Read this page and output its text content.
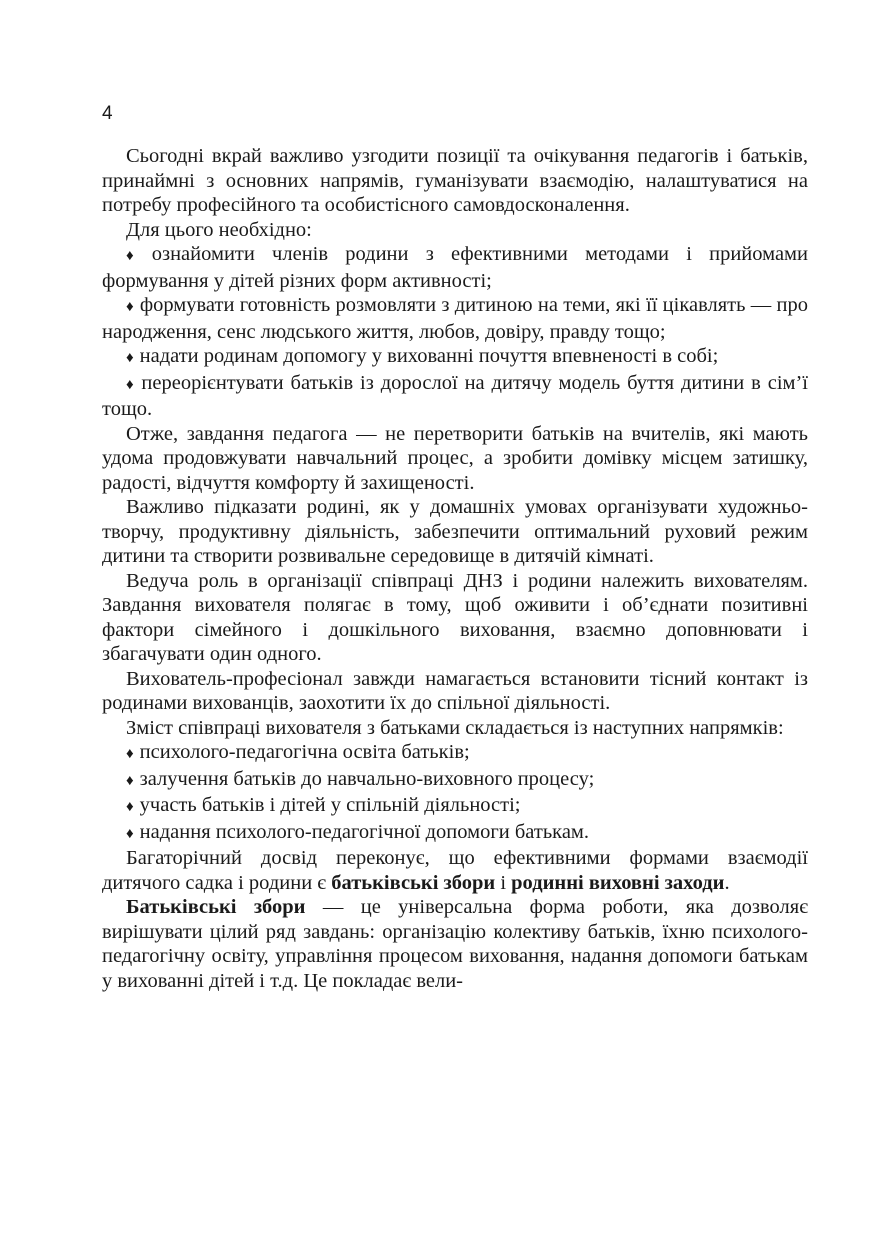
4

Сьогодні вкрай важливо узгодити позиції та очікування педагогів і батьків, принаймні з основних напрямів, гуманізувати взаємодію, налаштуватися на потребу професійного та особистісного самовдосконалення.

Для цього необхідно:

♦ ознайомити членів родини з ефективними методами і прийомами формування у дітей різних форм активності;
♦ формувати готовність розмовляти з дитиною на теми, які її цікавлять — про народження, сенс людського життя, любов, довіру, правду тощо;
♦ надати родинам допомогу у вихованні почуття впевненості в собі;
♦ переорієнтувати батьків із дорослої на дитячу модель буття дитини в сім’ї тощо.

Отже, завдання педагога — не перетворити батьків на вчителів, які мають удома продовжувати навчальний процес, а зробити домівку місцем затишку, радості, відчуття комфорту й захищеності.

Важливо підказати родині, як у домашніх умовах організувати художньо-творчу, продуктивну діяльність, забезпечити оптимальний руховий режим дитини та створити розвивальне середовище в дитячій кімнаті.

Ведуча роль в організації співпраці ДНЗ і родини належить вихователям. Завдання вихователя полягає в тому, щоб оживити і об’єднати позитивні фактори сімейного і дошкільного виховання, взаємно доповнювати і збагачувати один одного.

Вихователь-професіонал завжди намагається встановити тісний контакт із родинами вихованців, заохотити їх до спільної діяльності.

Зміст співпраці вихователя з батьками складається із наступних напрямків:

♦ психолого-педагогічна освіта батьків;
♦ залучення батьків до навчально-виховного процесу;
♦ участь батьків і дітей у спільній діяльності;
♦ надання психолого-педагогічної допомоги батькам.

Багаторічний досвід переконує, що ефективними формами взаємодії дитячого садка і родини є батьківські збори і родинні виховні заходи.

Батьківські збори — це універсальна форма роботи, яка дозволяє вирішувати цілий ряд завдань: організацію колективу батьків, їхню психолого-педагогічну освіту, управління процесом виховання, надання допомоги батькам у вихованні дітей і т.д. Це покладає вели-
